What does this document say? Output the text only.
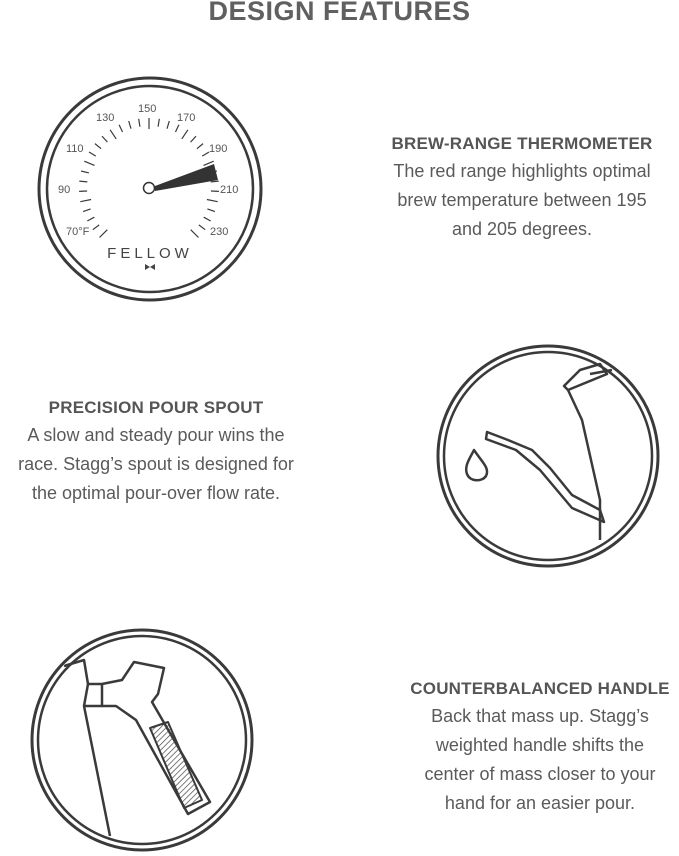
DESIGN FEATURES
70°F
90
110
130
150
170
190
210
230
FELLOW
BREW-RANGE THERMOMETER
The red range highlights optimal
brew temperature between 195
and 205 degrees.
PRECISION POUR SPOUT
A slow and steady pour wins the
race. Stagg’s spout is designed for
the optimal pour-over flow rate.
COUNTERBALANCED HANDLE
Back that mass up. Stagg’s
weighted handle shifts the
center of mass closer to your
hand for an easier pour.
